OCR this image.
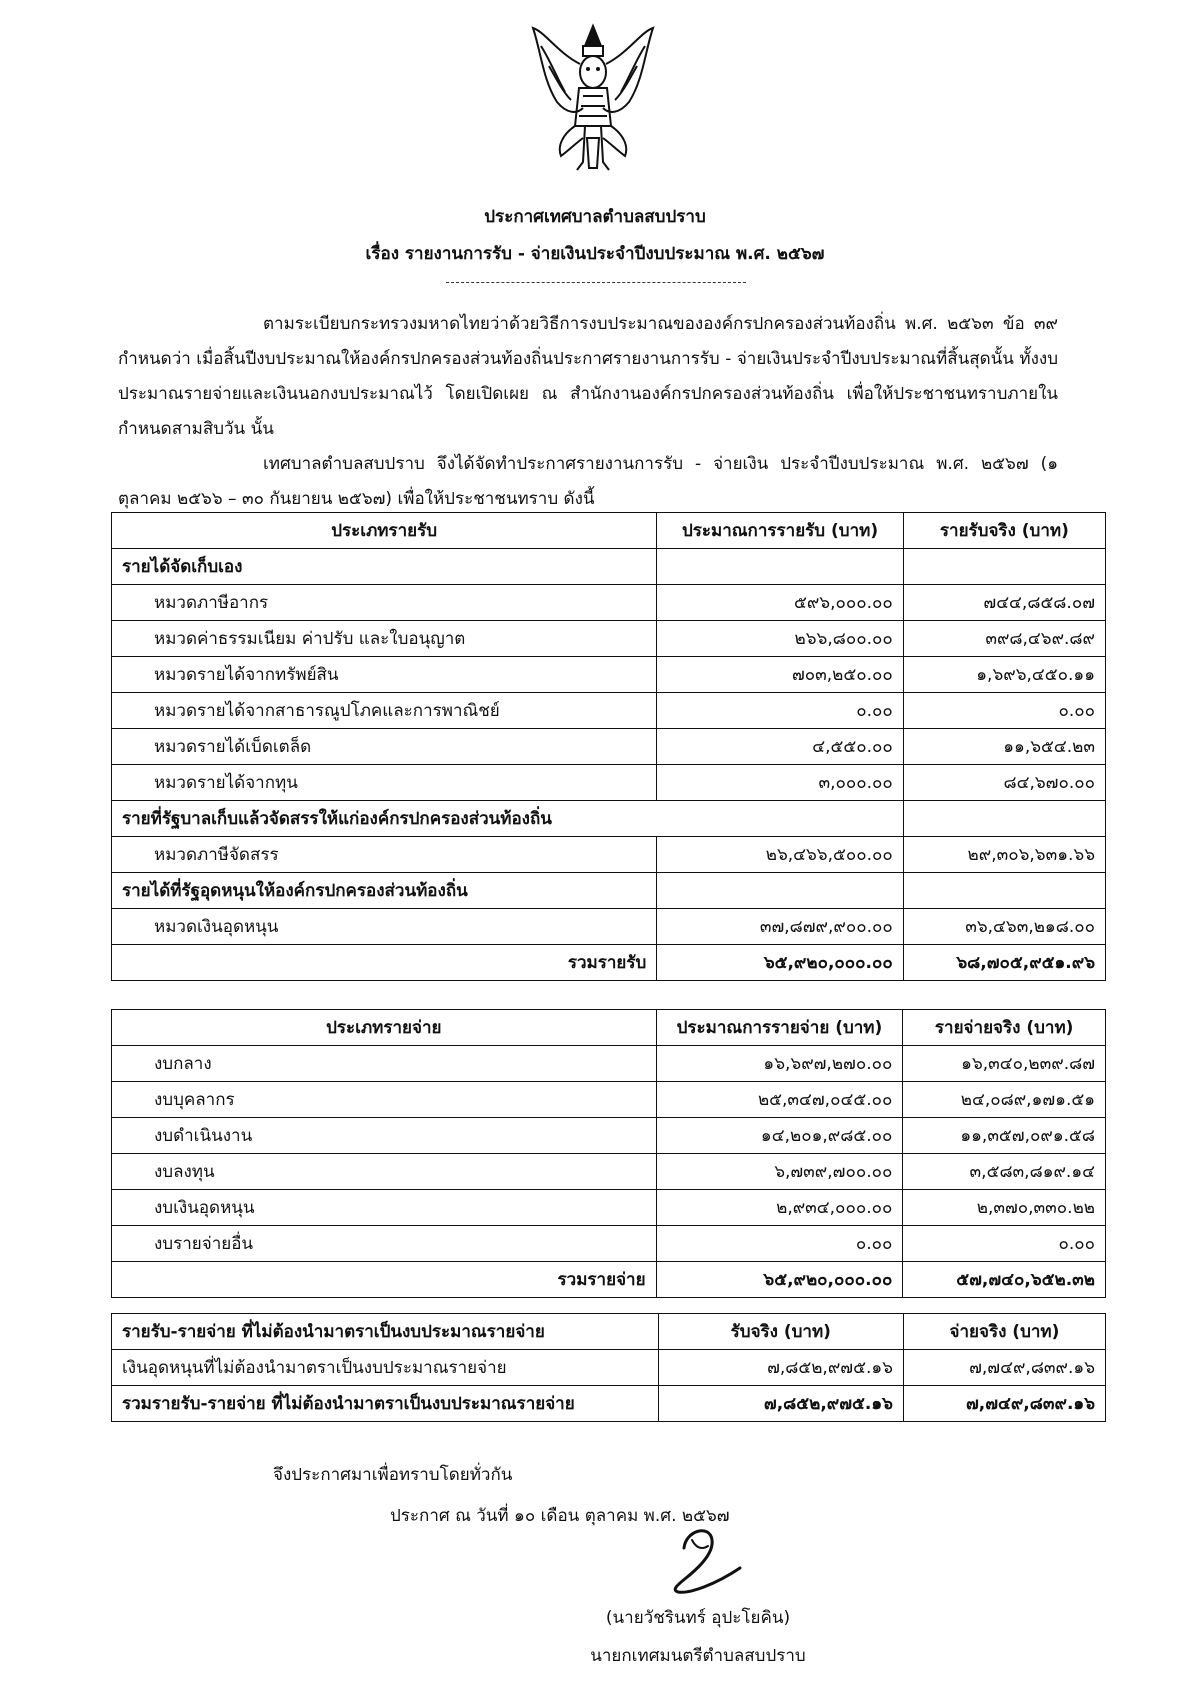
ประกาศเทศบาลตำบลสบปราบ
เรื่อง รายงานการรับ - จ่ายเงินประจำปีงบประมาณ พ.ศ. ๒๕๖๗
ตามระเบียบกระทรวงมหาดไทยว่าด้วยวิธีการงบประมาณขององค์กรปกครองส่วนท้องถิ่น พ.ศ. ๒๕๖๓ ข้อ ๓๙ กำหนดว่า เมื่อสิ้นปีงบประมาณให้องค์กรปกครองส่วนท้องถิ่นประกาศรายงานการรับ - จ่ายเงินประจำปีงบประมาณที่สิ้นสุดนั้น ทั้งงบประมาณรายจ่ายและเงินนอกงบประมาณไว้ โดยเปิดเผย ณ สำนักงานองค์กรปกครองส่วนท้องถิ่น เพื่อให้ประชาชนทราบภายในกำหนดสามสิบวัน นั้น
เทศบาลตำบลสบปราบ จึงได้จัดทำประกาศรายงานการรับ - จ่ายเงิน ประจำปีงบประมาณ พ.ศ. ๒๕๖๗ (๑ ตุลาคม ๒๕๖๖ – ๓๐ กันยายน ๒๕๖๗) เพื่อให้ประชาชนทราบ ดังนี้
ประเภทรายรับ	ประมาณการรายรับ (บาท)	รายรับจริง (บาท)
รายได้จัดเก็บเอง		
หมวดภาษีอากร	๕๙๖,๐๐๐.๐๐	๗๔๔,๘๕๘.๐๗
หมวดค่าธรรมเนียม ค่าปรับ และใบอนุญาต	๒๖๖,๘๐๐.๐๐	๓๙๘,๔๖๙.๘๙
หมวดรายได้จากทรัพย์สิน	๗๐๓,๒๕๐.๐๐	๑,๖๙๖,๔๕๐.๑๑
หมวดรายได้จากสาธารณูปโภคและการพาณิชย์	๐.๐๐	๐.๐๐
หมวดรายได้เบ็ดเตล็ด	๔,๕๕๐.๐๐	๑๑,๖๕๔.๒๓
หมวดรายได้จากทุน	๓,๐๐๐.๐๐	๘๔,๖๗๐.๐๐
รายที่รัฐบาลเก็บแล้วจัดสรรให้แก่องค์กรปกครองส่วนท้องถิ่น		
หมวดภาษีจัดสรร	๒๖,๔๖๖,๕๐๐.๐๐	๒๙,๓๐๖,๖๓๑.๖๖
รายได้ที่รัฐอุดหนุนให้องค์กรปกครองส่วนท้องถิ่น		
หมวดเงินอุดหนุน	๓๗,๘๗๙,๙๐๐.๐๐	๓๖,๔๖๓,๒๑๘.๐๐
รวมรายรับ	๖๕,๙๒๐,๐๐๐.๐๐	๖๘,๗๐๕,๙๕๑.๙๖
ประเภทรายจ่าย	ประมาณการรายจ่าย (บาท)	รายจ่ายจริง (บาท)
งบกลาง	๑๖,๖๙๗,๒๗๐.๐๐	๑๖,๓๔๐,๒๓๙.๘๗
งบบุคลากร	๒๕,๓๔๗,๐๔๕.๐๐	๒๔,๐๘๙,๑๗๑.๕๑
งบดำเนินงาน	๑๔,๒๐๑,๙๘๕.๐๐	๑๑,๓๕๗,๐๙๑.๕๘
งบลงทุน	๖,๗๓๙,๗๐๐.๐๐	๓,๕๘๓,๘๑๙.๑๔
งบเงินอุดหนุน	๒,๙๓๔,๐๐๐.๐๐	๒,๓๗๐,๓๓๐.๒๒
งบรายจ่ายอื่น	๐.๐๐	๐.๐๐
รวมรายจ่าย	๖๕,๙๒๐,๐๐๐.๐๐	๕๗,๗๔๐,๖๕๒.๓๒
รายรับ-รายจ่าย ที่ไม่ต้องนำมาตราเป็นงบประมาณรายจ่าย	รับจริง (บาท)	จ่ายจริง (บาท)
เงินอุดหนุนที่ไม่ต้องนำมาตราเป็นงบประมาณรายจ่าย	๗,๘๕๒,๙๗๕.๑๖	๗,๗๔๙,๘๓๙.๑๖
รวมรายรับ-รายจ่าย ที่ไม่ต้องนำมาตราเป็นงบประมาณรายจ่าย	๗,๘๕๒,๙๗๕.๑๖	๗,๗๔๙,๘๓๙.๑๖
จึงประกาศมาเพื่อทราบโดยทั่วกัน
ประกาศ ณ วันที่ ๑๐ เดือน ตุลาคม พ.ศ. ๒๕๖๗
(นายวัชรินทร์ อุปะโยคิน)
นายกเทศมนตรีตำบลสบปราบ
